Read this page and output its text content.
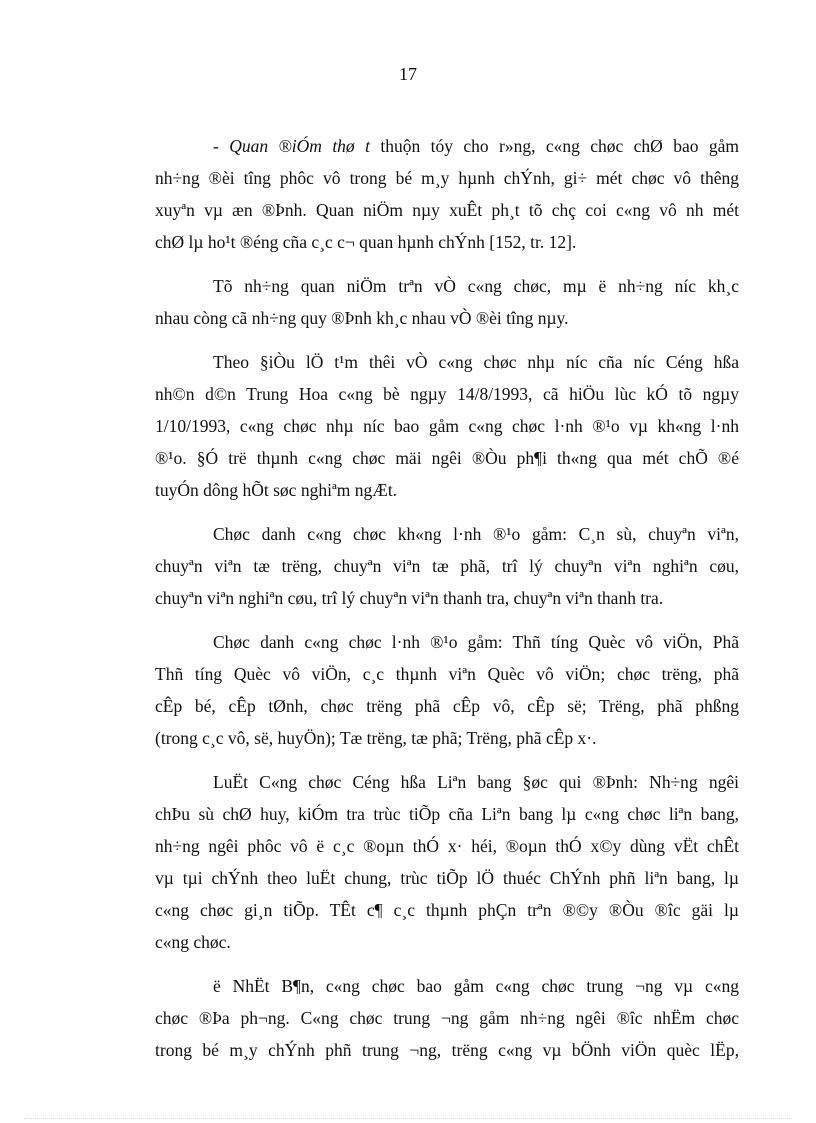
17
- Quan ®iÓm thø t thuộn tóy cho r»ng, c«ng chøc chØ bao gåm
nh÷ng ®èi tîng phôc vô trong bé m¸y hµnh chÝnh, gi÷ mét chøc vô thêng
xuyªn vµ æn ®Þnh. Quan niÖm nµy xuÊt ph¸t tõ chç coi c«ng vô nh mét
chØ lµ ho¹t ®éng cña c¸c c¬ quan hµnh chÝnh [152, tr. 12].
Tõ nh÷ng quan niÖm trªn vÒ c«ng chøc, mµ ë nh÷ng níc kh¸c
nhau còng cã nh÷ng quy ®Þnh kh¸c nhau vÒ ®èi tîng nµy.
Theo §iÒu lÖ t¹m thêi vÒ c«ng chøc nhµ níc cña níc Céng hßa
nh©n d©n Trung Hoa c«ng bè ngµy 14/8/1993, cã hiÖu lùc kÓ tõ ngµy
1/10/1993, c«ng chøc nhµ níc bao gåm c«ng chøc l·nh ®¹o vµ kh«ng l·nh
®¹o. §Ó trë thµnh c«ng chøc mäi ngêi ®Òu ph¶i th«ng qua mét chÕ ®é
tuyÓn dông hÕt søc nghiªm ngÆt.
Chøc danh c«ng chøc kh«ng l·nh ®¹o gåm: C¸n sù, chuyªn viªn,
chuyªn viªn tæ trëng, chuyªn viªn tæ phã, trî lý chuyªn viªn nghiªn cøu,
chuyªn viªn nghiªn cøu, trî lý chuyªn viªn thanh tra, chuyªn viªn thanh tra.
Chøc danh c«ng chøc l·nh ®¹o gåm: Thñ tíng Quèc vô viÖn, Phã
Thñ tíng Quèc vô viÖn, c¸c thµnh viªn Quèc vô viÖn; chøc trëng, phã
cÊp bé, cÊp tØnh, chøc trëng phã cÊp vô, cÊp së; Trëng, phã phßng
(trong c¸c vô, së, huyÖn); Tæ trëng, tæ phã; Trëng, phã cÊp x·.
LuËt C«ng chøc Céng hßa Liªn bang §øc qui ®Þnh: Nh÷ng ngêi
chÞu sù chØ huy, kiÓm tra trùc tiÕp cña Liªn bang lµ c«ng chøc liªn bang,
nh÷ng ngêi phôc vô ë c¸c ®oµn thÓ x· héi, ®oµn thÓ x©y dùng vËt chÊt
vµ tµi chÝnh theo luËt chung, trùc tiÕp lÖ thuéc ChÝnh phñ liªn bang, lµ
c«ng chøc gi¸n tiÕp. TÊt c¶ c¸c thµnh phÇn trªn ®©y ®Òu ®îc gäi lµ
c«ng chøc.
ë NhËt B¶n, c«ng chøc bao gåm c«ng chøc trung ¬ng vµ c«ng
chøc ®Þa ph¬ng. C«ng chøc trung ¬ng gåm nh÷ng ngêi ®îc nhËm chøc
trong bé m¸y chÝnh phñ trung ¬ng, trëng c«ng vµ bÖnh viÖn quèc lËp,
